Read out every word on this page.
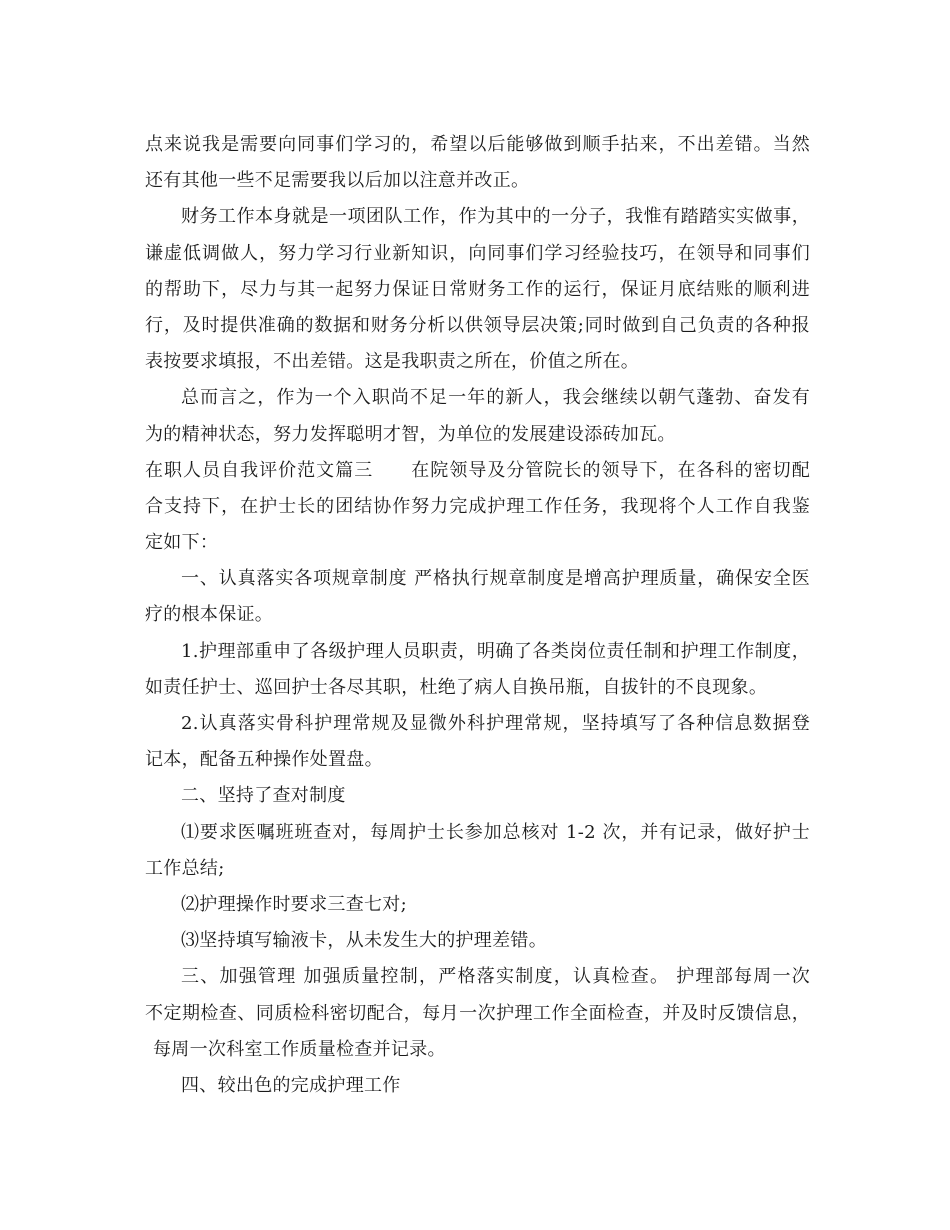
点来说我是需要向同事们学习的，希望以后能够做到顺手拈来，不出差错。当然
还有其他一些不足需要我以后加以注意并改正。
财务工作本身就是一项团队工作，作为其中的一分子，我惟有踏踏实实做事，
谦虚低调做人，努力学习行业新知识，向同事们学习经验技巧，在领导和同事们
的帮助下，尽力与其一起努力保证日常财务工作的运行，保证月底结账的顺利进
行，及时提供准确的数据和财务分析以供领导层决策;同时做到自己负责的各种报
表按要求填报，不出差错。这是我职责之所在，价值之所在。
总而言之，作为一个入职尚不足一年的新人，我会继续以朝气蓬勃、奋发有
为的精神状态，努力发挥聪明才智，为单位的发展建设添砖加瓦。
在职人员自我评价范文篇三　　在院领导及分管院长的领导下，在各科的密切配
合支持下，在护士长的团结协作努力完成护理工作任务，我现将个人工作自我鉴
定如下：
一、认真落实各项规章制度 严格执行规章制度是增高护理质量，确保安全医
疗的根本保证。
1.护理部重申了各级护理人员职责，明确了各类岗位责任制和护理工作制度，
如责任护士、巡回护士各尽其职，杜绝了病人自换吊瓶，自拔针的不良现象。
2.认真落实骨科护理常规及显微外科护理常规，坚持填写了各种信息数据登
记本，配备五种操作处置盘。
二、坚持了查对制度
⑴要求医嘱班班查对，每周护士长参加总核对 1-2 次，并有记录，做好护士
工作总结;
⑵护理操作时要求三查七对;
⑶坚持填写输液卡，从未发生大的护理差错。
三、加强管理 加强质量控制，严格落实制度，认真检查。 护理部每周一次
不定期检查、同质检科密切配合，每月一次护理工作全面检查，并及时反馈信息，
每周一次科室工作质量检查并记录。
四、较出色的完成护理工作
